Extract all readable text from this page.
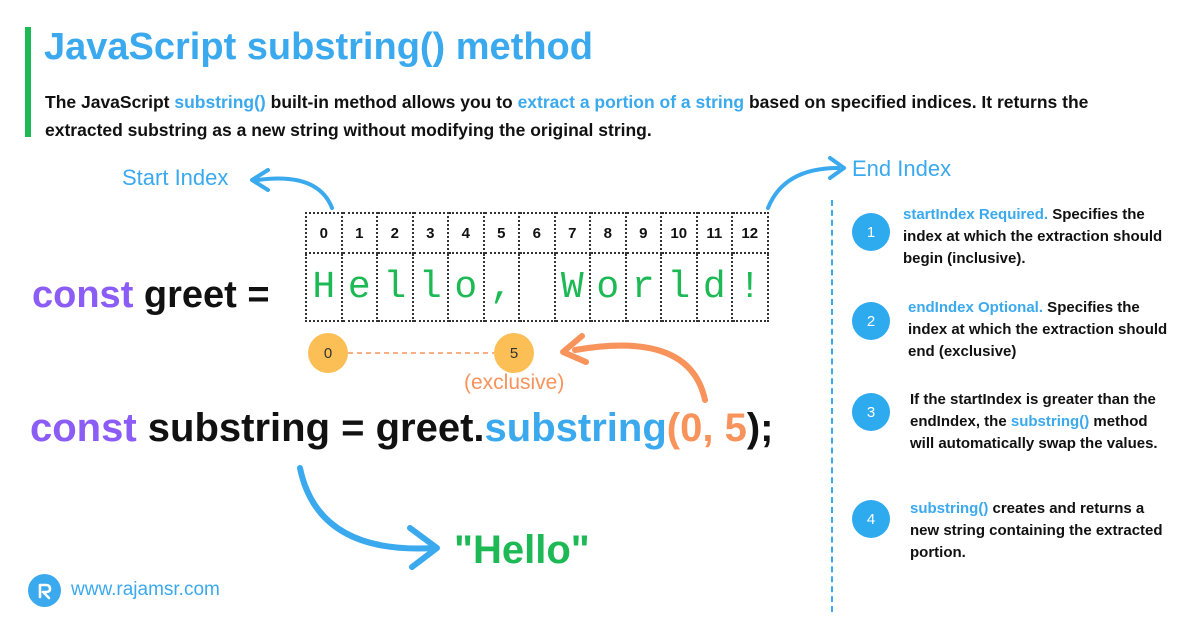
JavaScript substring() method
The JavaScript substring() built-in method allows you to extract a portion of a string based on specified indices. It returns the extracted substring as a new string without modifying the original string.
Start Index	End Index
const greet =
0	1	2	3	4	5	6	7	8	9	10	11	12
H	e	l	l	o	,		W	o	r	l	d	!
0	5
(exclusive)
const substring = greet.substring(0, 5);
"Hello"
1
startIndex Required. Specifies the index at which the extraction should begin (inclusive).
2
endIndex Optional. Specifies the index at which the extraction should end (exclusive)
3
If the startIndex is greater than the endIndex, the substring() method will automatically swap the values.
4
substring() creates and returns a new string containing the extracted portion.
www.rajamsr.com
